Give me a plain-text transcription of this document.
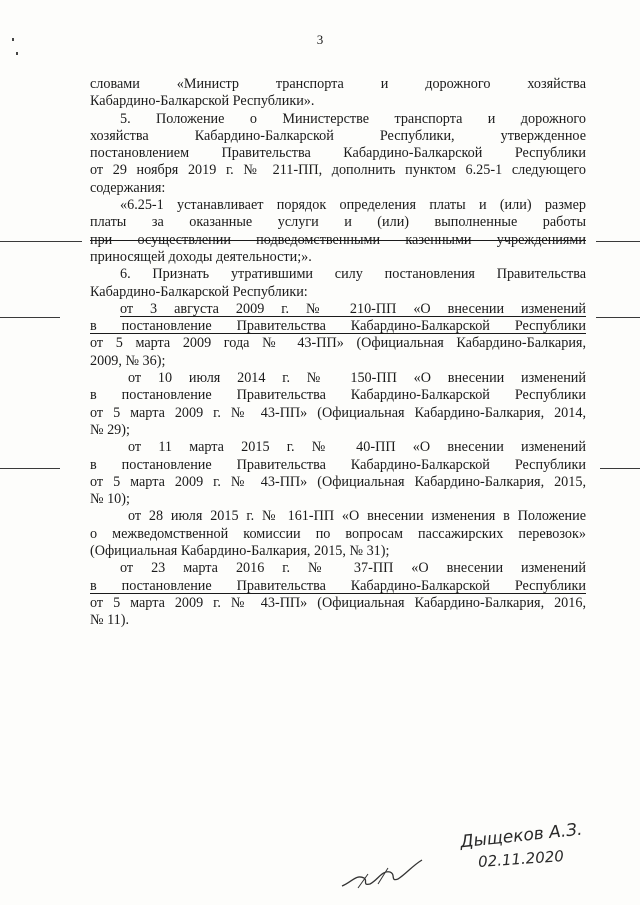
3

словами «Министр транспорта и дорожного хозяйства

Кабардино-Балкарской Республики».

5. Положение о Министерстве транспорта и дорожного

хозяйства Кабардино-Балкарской Республики, утвержденное

постановлением Правительства Кабардино-Балкарской Республики

от 29 ноября 2019 г. № 211-ПП, дополнить пунктом 6.25-1 следующего

содержания:

«6.25-1 устанавливает порядок определения платы и (или) размер

платы за оказанные услуги и (или) выполненные работы

при осуществлении подведомственными казенными учреждениями

приносящей доходы деятельности;».

6. Признать утратившими силу постановления Правительства

Кабардино-Балкарской Республики:

от 3 августа 2009 г. № 210-ПП «О внесении изменений

в постановление Правительства Кабардино-Балкарской Республики

от 5 марта 2009 года № 43-ПП» (Официальная Кабардино-Балкария,

2009, № 36);

от 10 июля 2014 г. № 150-ПП «О внесении изменений

в постановление Правительства Кабардино-Балкарской Республики

от 5 марта 2009 г. № 43-ПП» (Официальная Кабардино-Балкария, 2014,

№ 29);

от 11 марта 2015 г. № 40-ПП «О внесении изменений

в постановление Правительства Кабардино-Балкарской Республики

от 5 марта 2009 г. № 43-ПП» (Официальная Кабардино-Балкария, 2015,

№ 10);

от 28 июля 2015 г. № 161-ПП «О внесении изменения в Положение

о межведомственной комиссии по вопросам пассажирских перевозок»

(Официальная Кабардино-Балкария, 2015, № 31);

от 23 марта 2016 г. № 37-ПП «О внесении изменений

в постановление Правительства Кабардино-Балкарской Республики

от 5 марта 2009 г. № 43-ПП» (Официальная Кабардино-Балкария, 2016,

№ 11).

Дыщеков А.З.
02.11.2020
